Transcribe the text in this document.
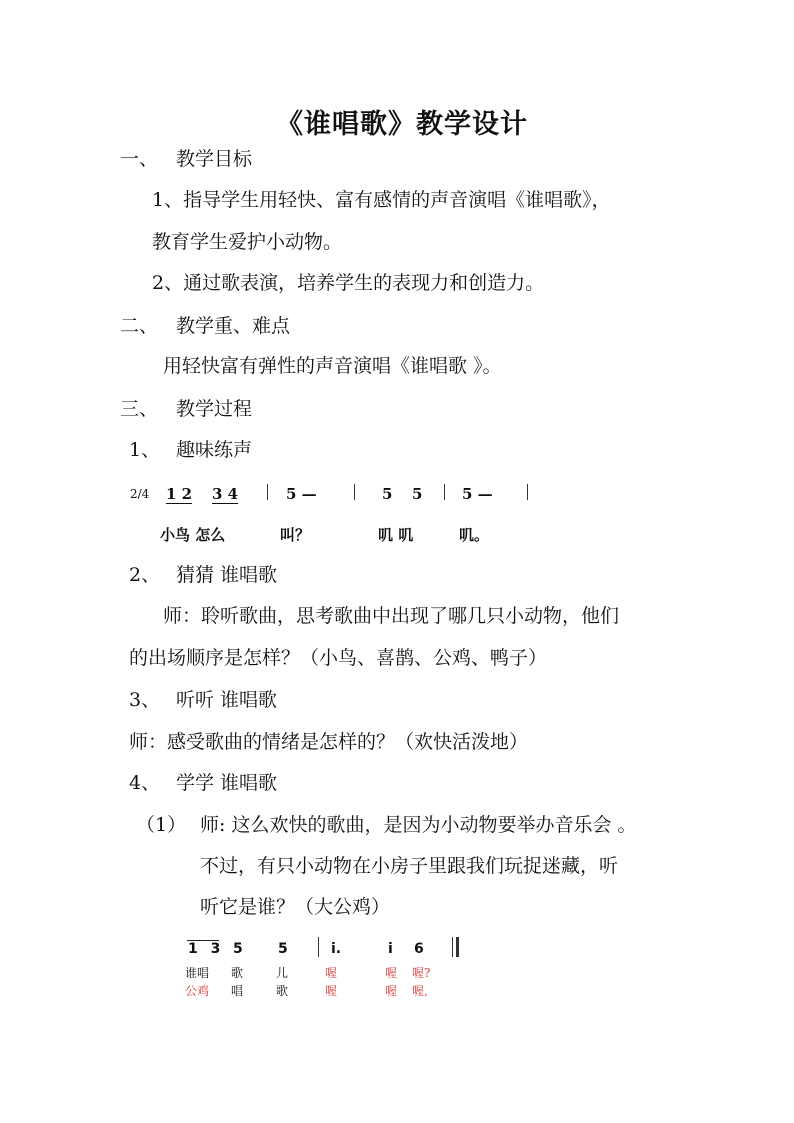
《谁唱歌》教学设计
一、 教学目标
1、指导学生用轻快、富有感情的声音演唱《谁唱歌》，
教育学生爱护小动物。
2、通过歌表演，培养学生的表现力和创造力。
二、 教学重、难点
用轻快富有弹性的声音演唱《谁唱歌 》。
三、 教学过程
1、 趣味练声
2/4 1 2 3 4	5 —	5 5	5 —
小鸟 怎么	叫？	叽 叽	叽。
2、 猜猜 谁唱歌
师：聆听歌曲，思考歌曲中出现了哪几只小动物，他们
的出场顺序是怎样？（小鸟、喜鹊、公鸡、鸭子）
3、 听听 谁唱歌
师：感受歌曲的情绪是怎样的？（欢快活泼地）
4、 学学 谁唱歌
（1） 师: 这么欢快的歌曲，是因为小动物要举办音乐会 。
不过，有只小动物在小房子里跟我们玩捉迷藏，听
听它是谁？（大公鸡）
1 3 5	5	i.	i 6
谁唱 歌	儿	喔	喔 喔?
公鸡 唱	歌	喔	喔 喔,
